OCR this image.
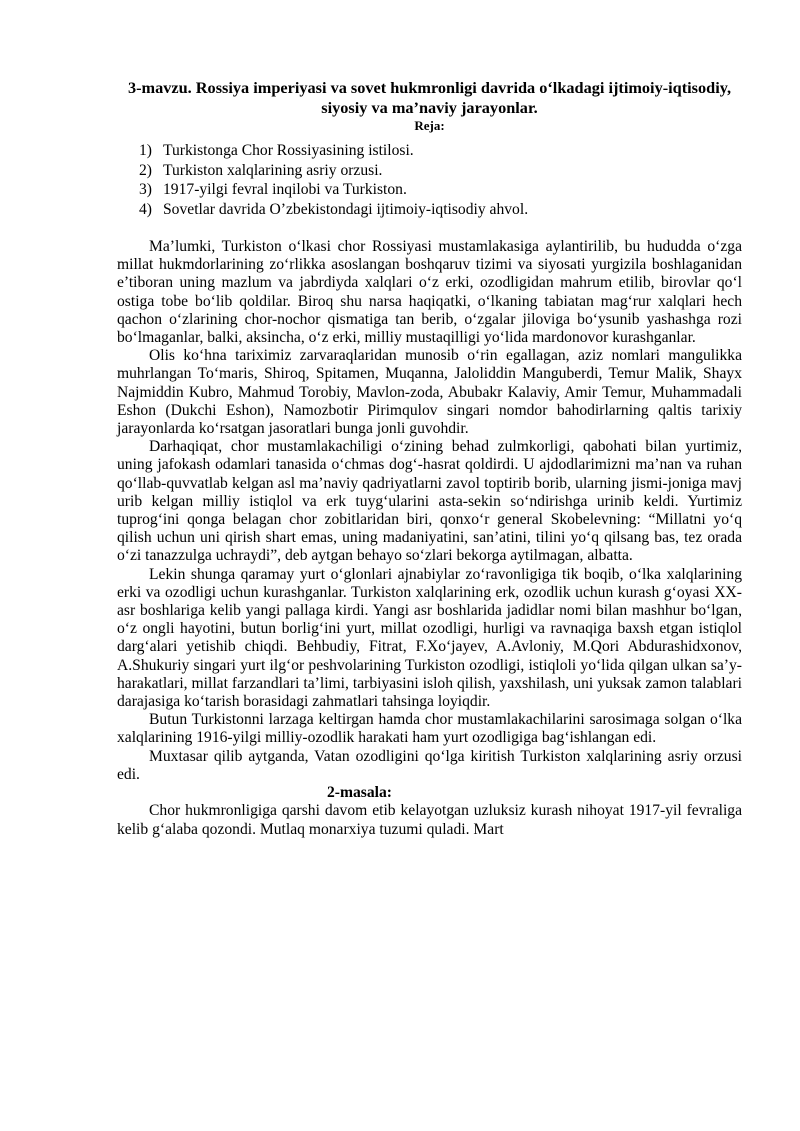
3-mavzu. Rossiya imperiyasi va sovet hukmronligi davrida o‘lkadagi ijtimoiy-iqtisodiy, siyosiy va ma’naviy jarayonlar.

Reja:

1) Turkistonga Chor Rossiyasining istilosi.
2) Turkiston xalqlarining asriy orzusi.
3) 1917-yilgi fevral inqilobi va Turkiston.
4) Sovetlar davrida O’zbekistondagi ijtimoiy-iqtisodiy ahvol.

Ma’lumki, Turkiston o‘lkasi chor Rossiyasi mustamlakasiga aylantirilib, bu hududda o‘zga millat hukmdorlarining zo‘rlikka asoslangan boshqaruv tizimi va siyosati yurgizila boshlaganidan e’tiboran uning mazlum va jabrdiyda xalqlari o‘z erki, ozodligidan mahrum etilib, birovlar qo‘l ostiga tobe bo‘lib qoldilar. Biroq shu narsa haqiqatki, o‘lkaning tabiatan mag‘rur xalqlari hech qachon o‘zlarining chor-nochor qismatiga tan berib, o‘zgalar jiloviga bo‘ysunib yashashga rozi bo‘lmaganlar, balki, aksincha, o‘z erki, milliy mustaqilligi yo‘lida mardonovor kurashganlar.

Olis ko‘hna tariximiz zarvaraqlaridan munosib o‘rin egallagan, aziz nomlari mangulikka muhrlangan To‘maris, Shiroq, Spitamen, Muqanna, Jaloliddin Manguberdi, Temur Malik, Shayx Najmiddin Kubro, Mahmud Torobiy, Mavlon-zoda, Abubakr Kalaviy, Amir Temur, Muhammadali Eshon (Dukchi Eshon), Namozbotir Pirimqulov singari nomdor bahodirlarning qaltis tarixiy jarayonlarda ko‘rsatgan jasoratlari bunga jonli guvohdir.

Darhaqiqat, chor mustamlakachiligi o‘zining behad zulmkorligi, qabohati bilan yurtimiz, uning jafokash odamlari tanasida o‘chmas dog‘-hasrat qoldirdi. U ajdodlarimizni ma’nan va ruhan qo‘llab-quvvatlab kelgan asl ma’naviy qadriyatlarni zavol toptirib borib, ularning jismi-joniga mavj urib kelgan milliy istiqlol va erk tuyg‘ularini asta-sekin so‘ndirishga urinib keldi. Yurtimiz tuprog‘ini qonga belagan chor zobitlaridan biri, qonxo‘r general Skobelevning: “Millatni yo‘q qilish uchun uni qirish shart emas, uning madaniyatini, san’atini, tilini yo‘q qilsang bas, tez orada o‘zi tanazzulga uchraydi”, deb aytgan behayo so‘zlari bekorga aytilmagan, albatta.

Lekin shunga qaramay yurt o‘glonlari ajnabiylar zo‘ravonligiga tik boqib, o‘lka xalqlarining erki va ozodligi uchun kurashganlar. Turkiston xalqlarining erk, ozodlik uchun kurash g‘oyasi XX-asr boshlariga kelib yangi pallaga kirdi. Yangi asr boshlarida jadidlar nomi bilan mashhur bo‘lgan, o‘z ongli hayotini, butun borlig‘ini yurt, millat ozodligi, hurligi va ravnaqiga baxsh etgan istiqlol darg‘alari yetishib chiqdi. Behbudiy, Fitrat, F.Xo‘jayev, A.Avloniy, M.Qori Abdurashidxonov, A.Shukuriy singari yurt ilg‘or peshvolarining Turkiston ozodligi, istiqloli yo‘lida qilgan ulkan sa’y-harakatlari, millat farzandlari ta’limi, tarbiyasini isloh qilish, yaxshilash, uni yuksak zamon talablari darajasiga ko‘tarish borasidagi zahmatlari tahsinga loyiqdir.

Butun Turkistonni larzaga keltirgan hamda chor mustamlakachilarini sarosimaga solgan o‘lka xalqlarining 1916-yilgi milliy-ozodlik harakati ham yurt ozodligiga bag‘ishlangan edi.

Muxtasar qilib aytganda, Vatan ozodligini qo‘lga kiritish Turkiston xalqlarining asriy orzusi edi.

2-masala:

Chor hukmronligiga qarshi davom etib kelayotgan uzluksiz kurash nihoyat 1917-yil fevraliga kelib g‘alaba qozondi. Mutlaq monarxiya tuzumi quladi. Mart
